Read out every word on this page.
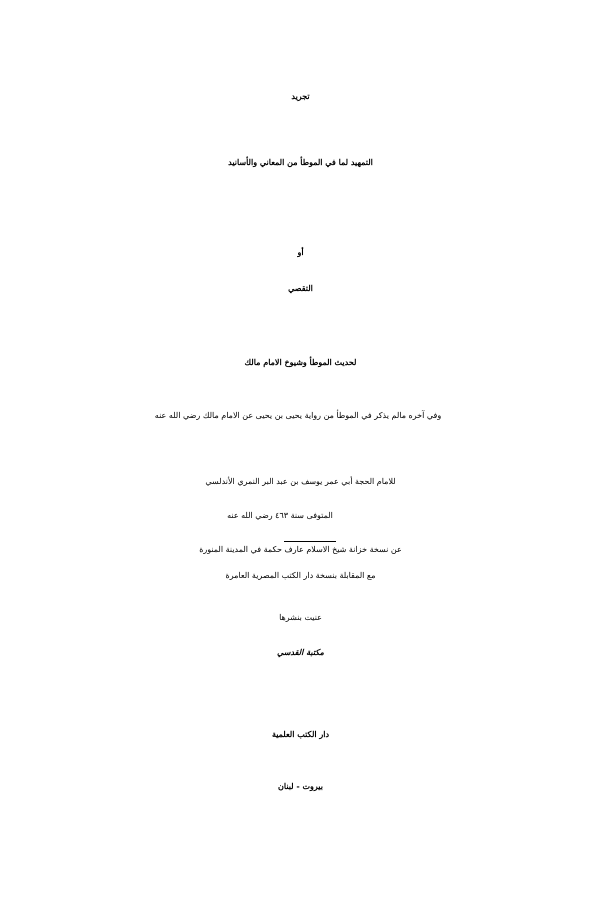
تجريد
التمهيد لما في الموطأ من المعاني والأسانيد
أو
التقصي
لحديث الموطأ وشيوخ الامام مالك
وفي آخره مالم يذكر في الموطأ من رواية يحيى بن يحيى عن الامام مالك رضي الله عنه
للامام الحجة أبي عمر يوسف بن عبد البر النمري الأندلسي
المتوفى سنة ٤٦٣ رضي الله عنه
عن نسخة خزانة شيخ الاسلام عارف حكمة في المدينة المنورة
مع المقابلة بنسخة دار الكتب المصرية العامرة
عنيت بنشرها
مكتبة القدسي
دار الكتب العلمية
بيروت - لبنان
